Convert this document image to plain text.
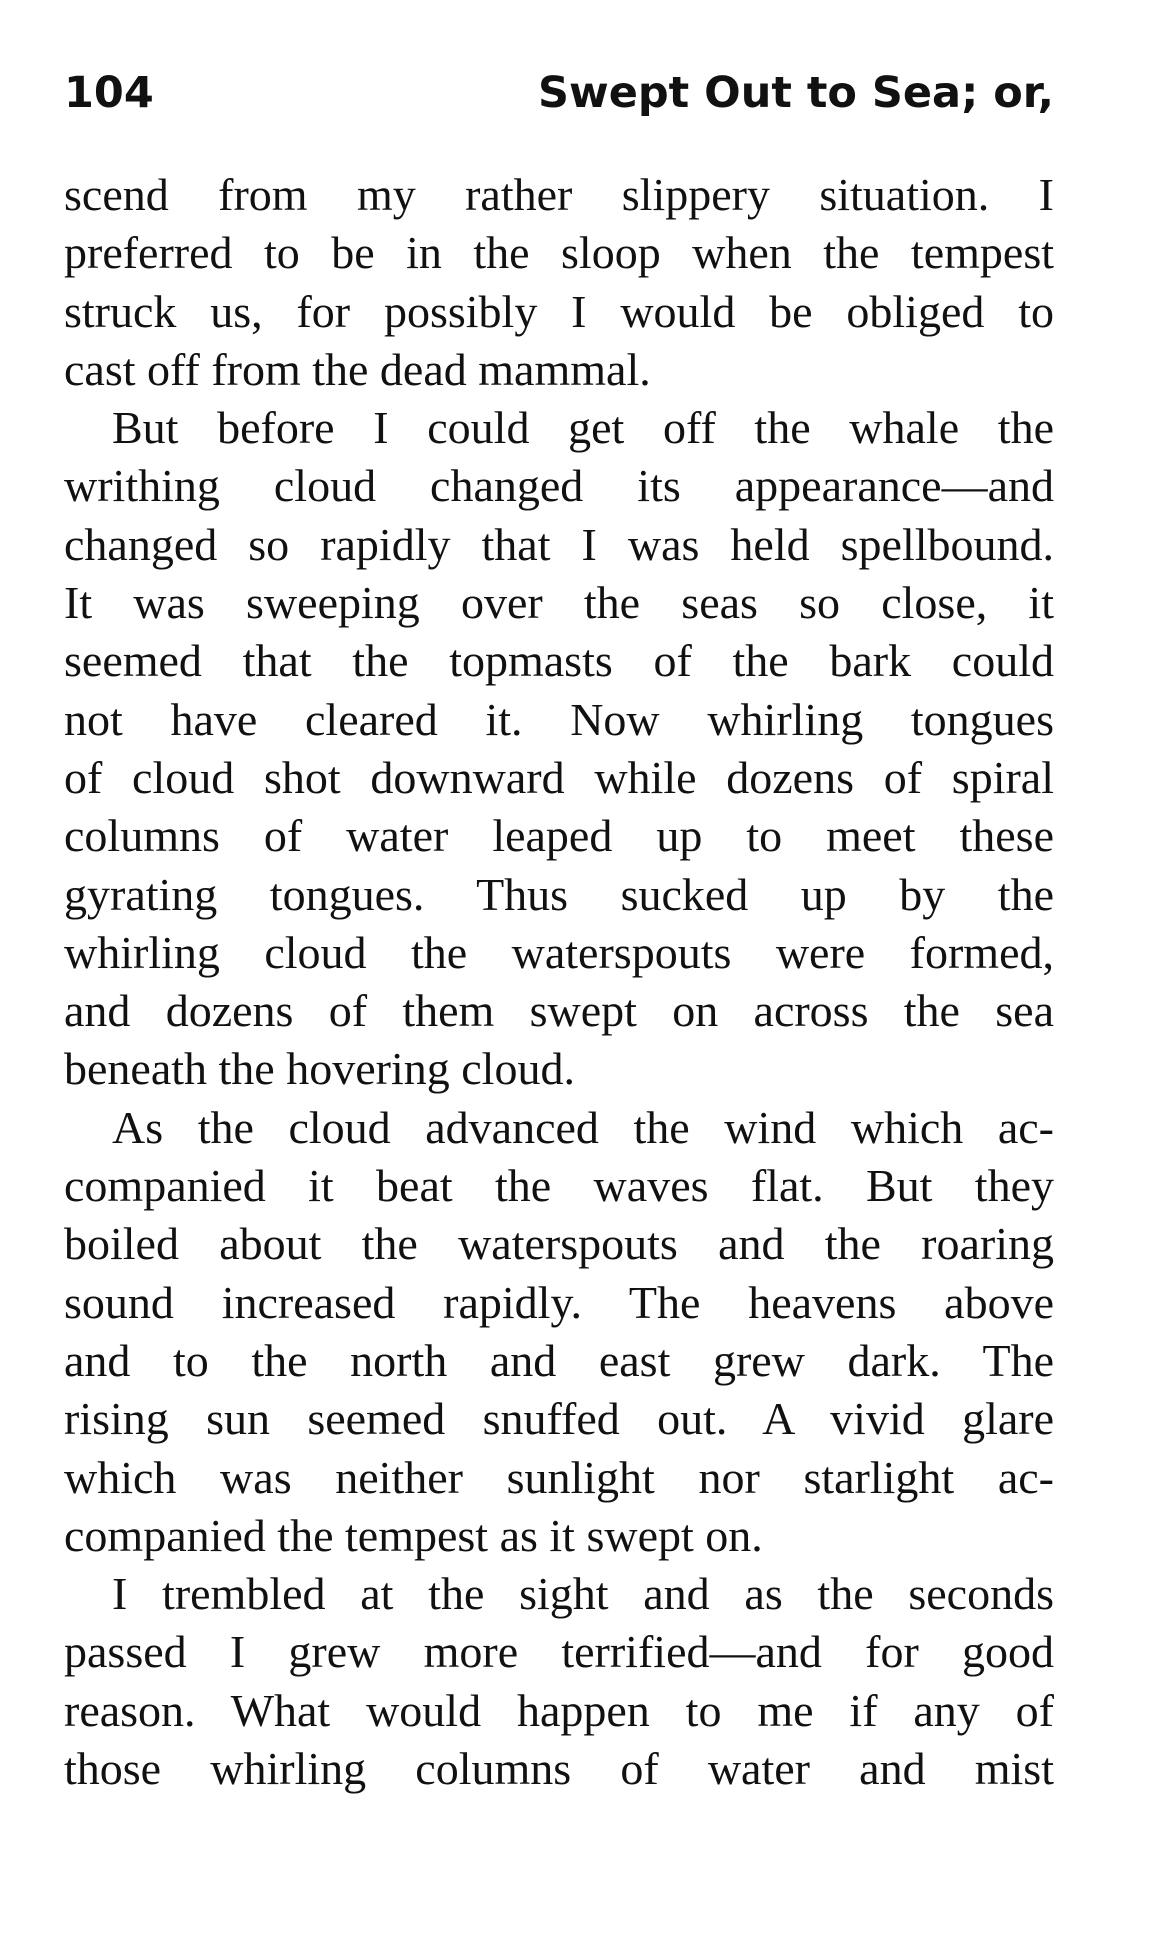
104	Swept Out to Sea; or,
scend from my rather slippery situation. I
preferred to be in the sloop when the tempest
struck us, for possibly I would be obliged to
cast off from the dead mammal.
But before I could get off the whale the
writhing cloud changed its appearance—and
changed so rapidly that I was held spellbound.
It was sweeping over the seas so close, it
seemed that the topmasts of the bark could
not have cleared it. Now whirling tongues
of cloud shot downward while dozens of spiral
columns of water leaped up to meet these
gyrating tongues. Thus sucked up by the
whirling cloud the waterspouts were formed,
and dozens of them swept on across the sea
beneath the hovering cloud.
As the cloud advanced the wind which ac-
companied it beat the waves flat. But they
boiled about the waterspouts and the roaring
sound increased rapidly. The heavens above
and to the north and east grew dark. The
rising sun seemed snuffed out. A vivid glare
which was neither sunlight nor starlight ac-
companied the tempest as it swept on.
I trembled at the sight and as the seconds
passed I grew more terrified—and for good
reason. What would happen to me if any of
those whirling columns of water and mist
